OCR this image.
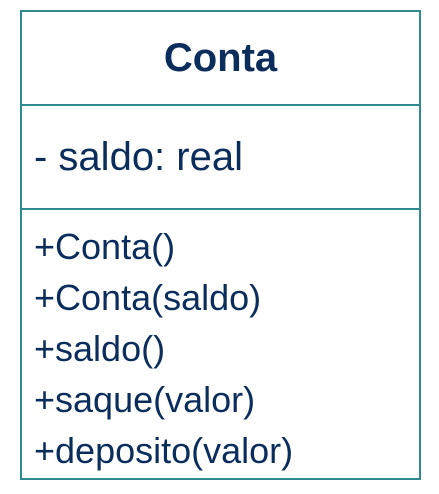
Conta
- saldo: real
+Conta()
+Conta(saldo)
+saldo()
+saque(valor)
+deposito(valor)
